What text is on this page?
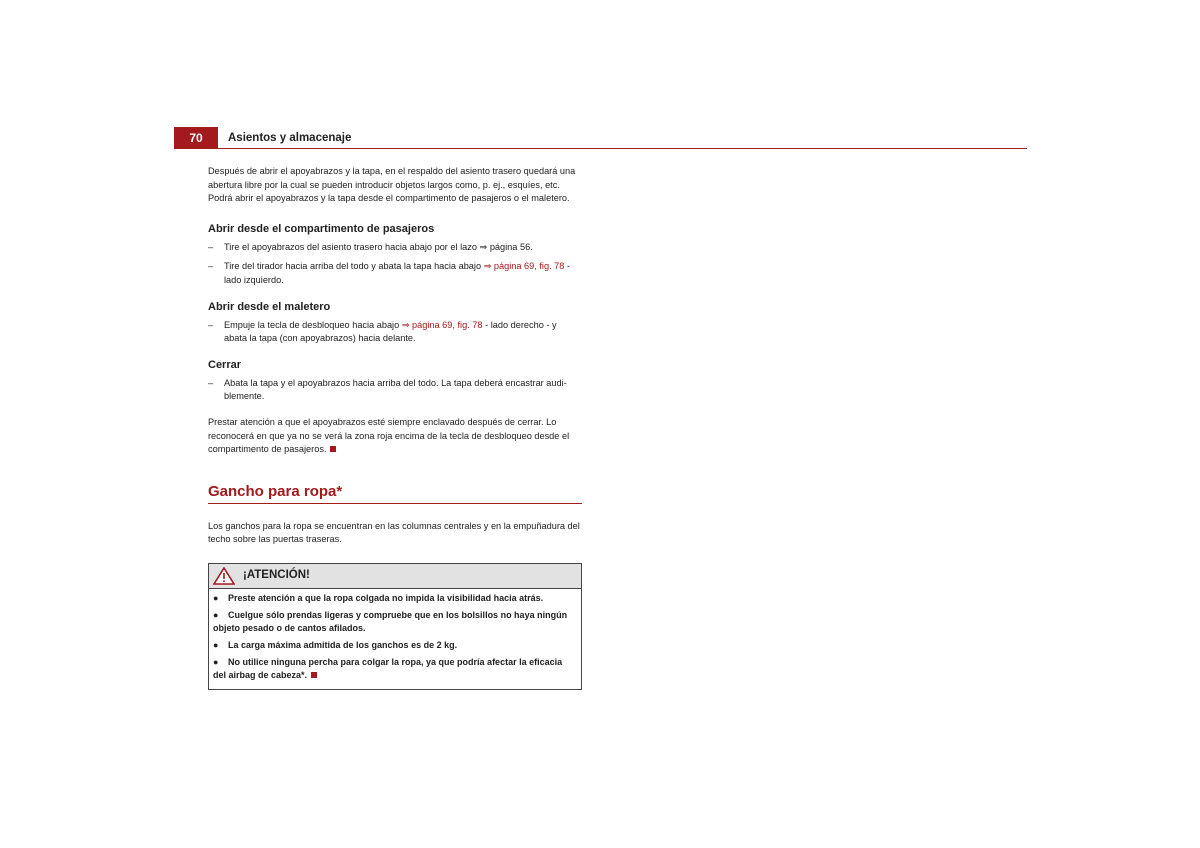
70	Asientos y almacenaje

Después de abrir el apoyabrazos y la tapa, en el respaldo del asiento trasero quedará una abertura libre por la cual se pueden introducir objetos largos como, p. ej., esquíes, etc. Podrá abrir el apoyabrazos y la tapa desde el compartimento de pasajeros o el maletero.

Abrir desde el compartimento de pasajeros
– Tire el apoyabrazos del asiento trasero hacia abajo por el lazo ⇒ página 56.
– Tire del tirador hacia arriba del todo y abata la tapa hacia abajo ⇒ página 69, fig. 78 - lado izquierdo.
Abrir desde el maletero
– Empuje la tecla de desbloqueo hacia abajo ⇒ página 69, fig. 78 - lado derecho - y abata la tapa (con apoyabrazos) hacia delante.
Cerrar
– Abata la tapa y el apoyabrazos hacia arriba del todo. La tapa deberá encastrar audi-blemente.

Prestar atención a que el apoyabrazos esté siempre enclavado después de cerrar. Lo reconocerá en que ya no se verá la zona roja encima de la tecla de desbloqueo desde el compartimento de pasajeros.

Gancho para ropa*

Los ganchos para la ropa se encuentran en las columnas centrales y en la empuñadura del techo sobre las puertas traseras.

¡ATENCIÓN!
● Preste atención a que la ropa colgada no impida la visibilidad hacia atrás.
● Cuelgue sólo prendas ligeras y compruebe que en los bolsillos no haya ningún objeto pesado o de cantos afilados.
● La carga máxima admitida de los ganchos es de 2 kg.
● No utilice ninguna percha para colgar la ropa, ya que podría afectar la eficacia del airbag de cabeza*.
